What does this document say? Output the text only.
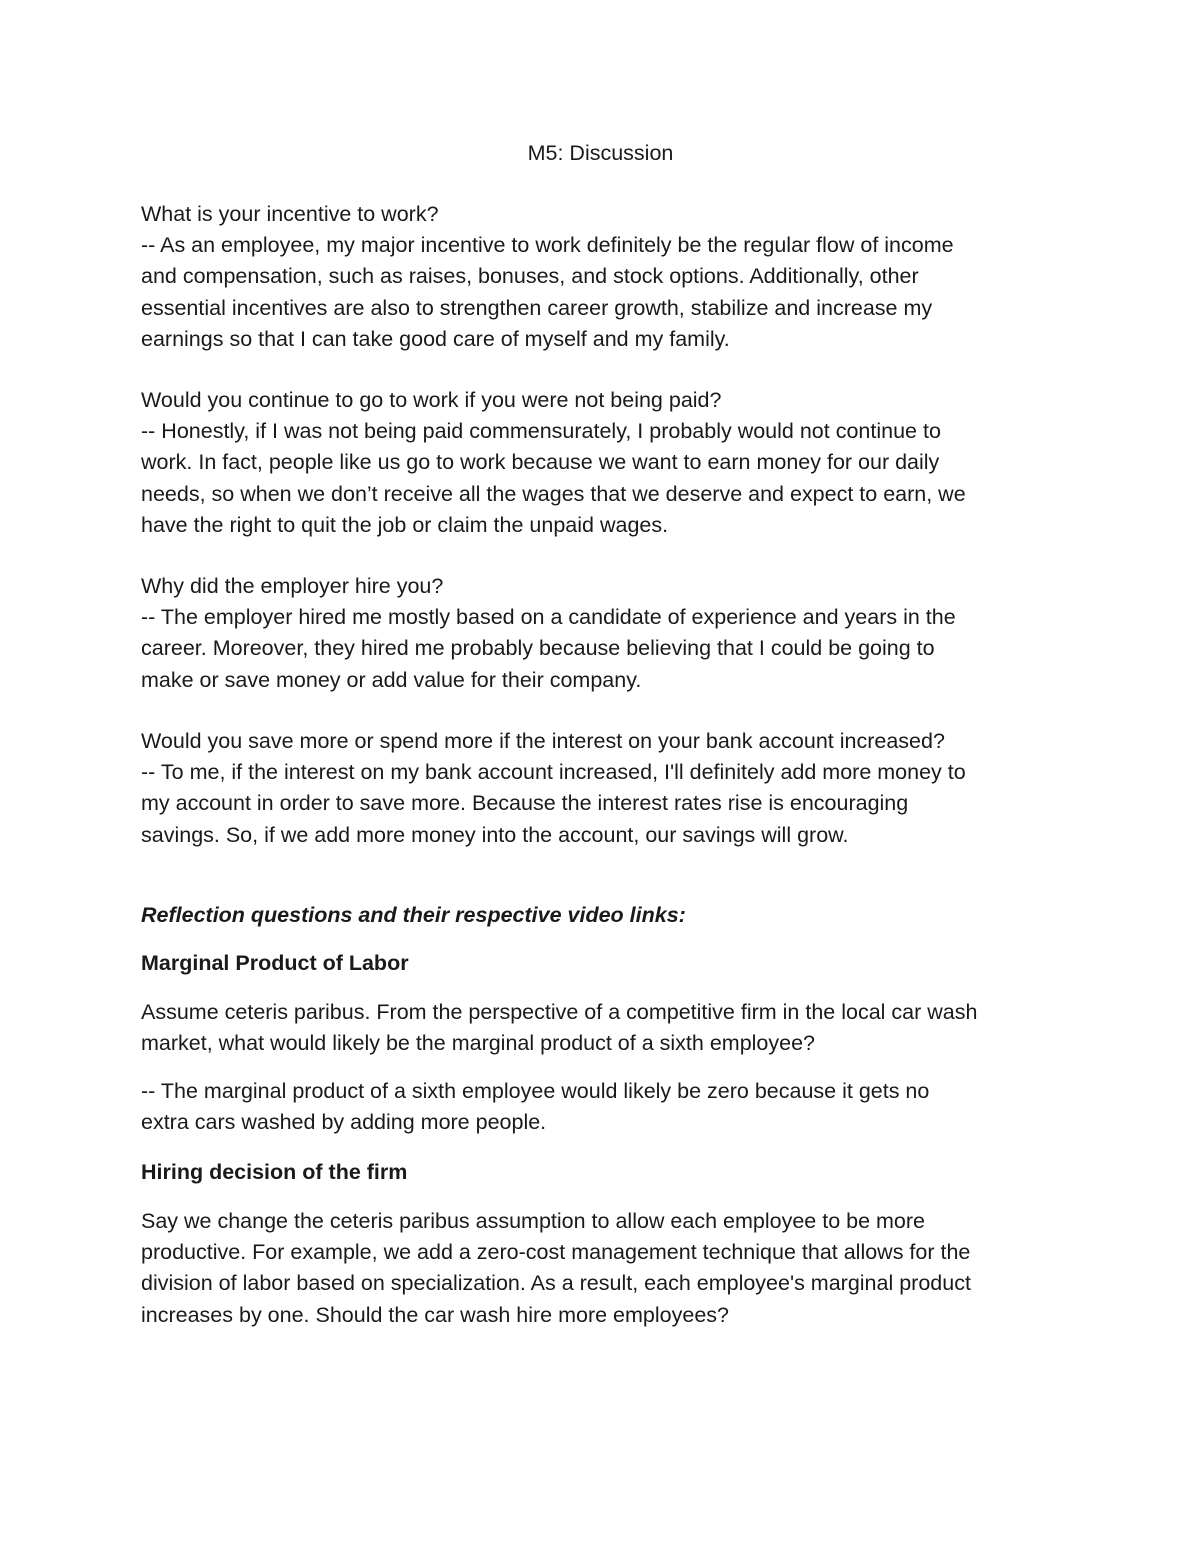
M5: Discussion

What is your incentive to work?

-- As an employee, my major incentive to work definitely be the regular flow of income

and compensation, such as raises, bonuses, and stock options. Additionally, other

essential incentives are also to strengthen career growth, stabilize and increase my

earnings so that I can take good care of myself and my family.

Would you continue to go to work if you were not being paid?

-- Honestly, if I was not being paid commensurately, I probably would not continue to

work. In fact, people like us go to work because we want to earn money for our daily

needs, so when we don’t receive all the wages that we deserve and expect to earn, we

have the right to quit the job or claim the unpaid wages.

Why did the employer hire you?

-- The employer hired me mostly based on a candidate of experience and years in the

career. Moreover, they hired me probably because believing that I could be going to

make or save money or add value for their company.

Would you save more or spend more if the interest on your bank account increased?

-- To me, if the interest on my bank account increased, I'll definitely add more money to

my account in order to save more. Because the interest rates rise is encouraging

savings. So, if we add more money into the account, our savings will grow.

Reflection questions and their respective video links:

Marginal Product of Labor

Assume ceteris paribus. From the perspective of a competitive firm in the local car wash

market, what would likely be the marginal product of a sixth employee?

-- The marginal product of a sixth employee would likely be zero because it gets no

extra cars washed by adding more people.

Hiring decision of the firm

Say we change the ceteris paribus assumption to allow each employee to be more

productive. For example, we add a zero-cost management technique that allows for the

division of labor based on specialization. As a result, each employee's marginal product

increases by one. Should the car wash hire more employees?
